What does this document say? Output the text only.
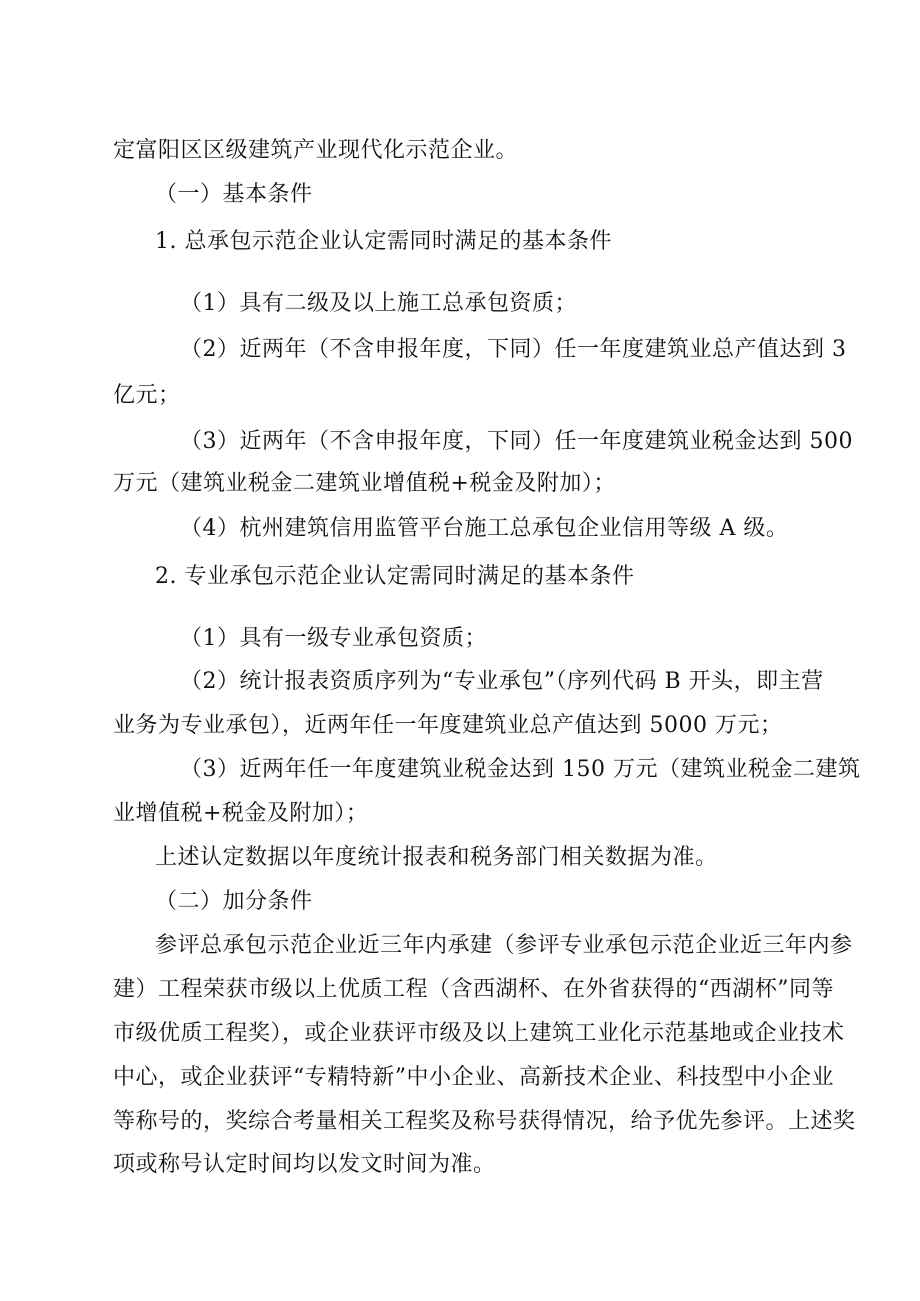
定富阳区区级建筑产业现代化示范企业。

（一）基本条件

1. 总承包示范企业认定需同时满足的基本条件

（1）具有二级及以上施工总承包资质；

（2）近两年（不含申报年度，下同）任一年度建筑业总产值达到 3

亿元；

（3）近两年（不含申报年度，下同）任一年度建筑业税金达到 500

万元（建筑业税金二建筑业增值税+税金及附加）；

（4）杭州建筑信用监管平台施工总承包企业信用等级 A 级。

2. 专业承包示范企业认定需同时满足的基本条件

（1）具有一级专业承包资质；

（2）统计报表资质序列为“专业承包”（序列代码 B 开头，即主营

业务为专业承包），近两年任一年度建筑业总产值达到 5000 万元；

（3）近两年任一年度建筑业税金达到 150 万元（建筑业税金二建筑

业增值税+税金及附加）；

上述认定数据以年度统计报表和税务部门相关数据为准。

（二）加分条件

参评总承包示范企业近三年内承建（参评专业承包示范企业近三年内参

建）工程荣获市级以上优质工程（含西湖杯、在外省获得的“西湖杯”同等

市级优质工程奖），或企业获评市级及以上建筑工业化示范基地或企业技术

中心，或企业获评“专精特新”中小企业、高新技术企业、科技型中小企业

等称号的，奖综合考量相关工程奖及称号获得情况，给予优先参评。上述奖

项或称号认定时间均以发文时间为准。
